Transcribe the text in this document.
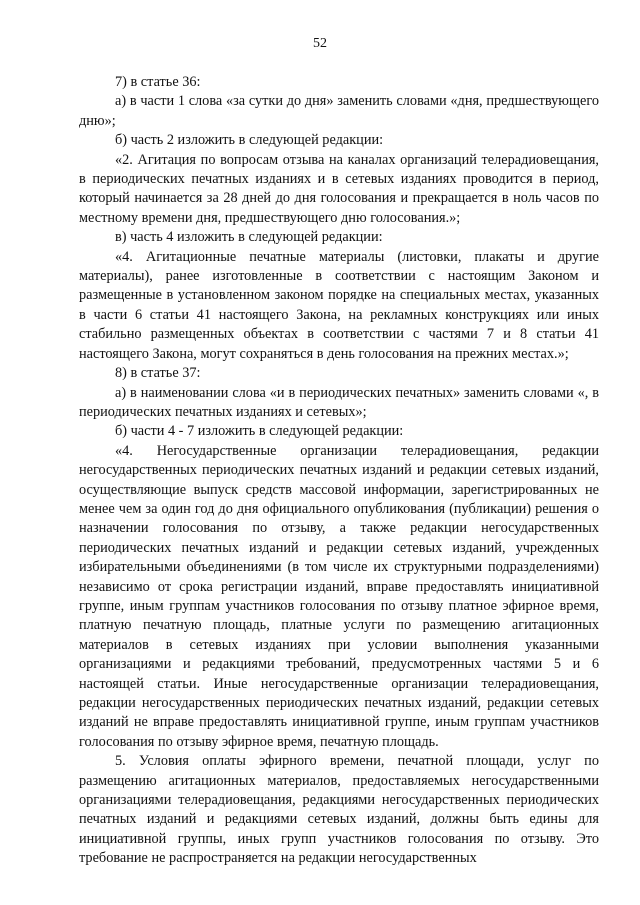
52

7) в статье 36:

а) в части 1 слова «за сутки до дня» заменить словами «дня, предшествующего дню»;

б) часть 2 изложить в следующей редакции:

«2. Агитация по вопросам отзыва на каналах организаций телерадиовещания, в периодических печатных изданиях и в сетевых изданиях проводится в период, который начинается за 28 дней до дня голосования и прекращается в ноль часов по местному времени дня, предшествующего дню голосования.»;

в) часть 4 изложить в следующей редакции:

«4. Агитационные печатные материалы (листовки, плакаты и другие материалы), ранее изготовленные в соответствии с настоящим Законом и размещенные в установленном законом порядке на специальных местах, указанных в части 6 статьи 41 настоящего Закона, на рекламных конструкциях или иных стабильно размещенных объектах в соответствии с частями 7 и 8 статьи 41 настоящего Закона, могут сохраняться в день голосования на прежних местах.»;

8) в статье 37:

а) в наименовании слова «и в периодических печатных» заменить словами «, в периодических печатных изданиях и сетевых»;

б) части 4 - 7 изложить в следующей редакции:

«4. Негосударственные организации телерадиовещания, редакции негосударственных периодических печатных изданий и редакции сетевых изданий, осуществляющие выпуск средств массовой информации, зарегистрированных не менее чем за один год до дня официального опубликования (публикации) решения о назначении голосования по отзыву, а также редакции негосударственных периодических печатных изданий и редакции сетевых изданий, учрежденных избирательными объединениями (в том числе их структурными подразделениями) независимо от срока регистрации изданий, вправе предоставлять инициативной группе, иным группам участников голосования по отзыву платное эфирное время, платную печатную площадь, платные услуги по размещению агитационных материалов в сетевых изданиях при условии выполнения указанными организациями и редакциями требований, предусмотренных частями 5 и 6 настоящей статьи. Иные негосударственные организации телерадиовещания, редакции негосударственных периодических печатных изданий, редакции сетевых изданий не вправе предоставлять инициативной группе, иным группам участников голосования по отзыву эфирное время, печатную площадь.

5. Условия оплаты эфирного времени, печатной площади, услуг по размещению агитационных материалов, предоставляемых негосударственными организациями телерадиовещания, редакциями негосударственных периодических печатных изданий и редакциями сетевых изданий, должны быть едины для инициативной группы, иных групп участников голосования по отзыву. Это требование не распространяется на редакции негосударственных
